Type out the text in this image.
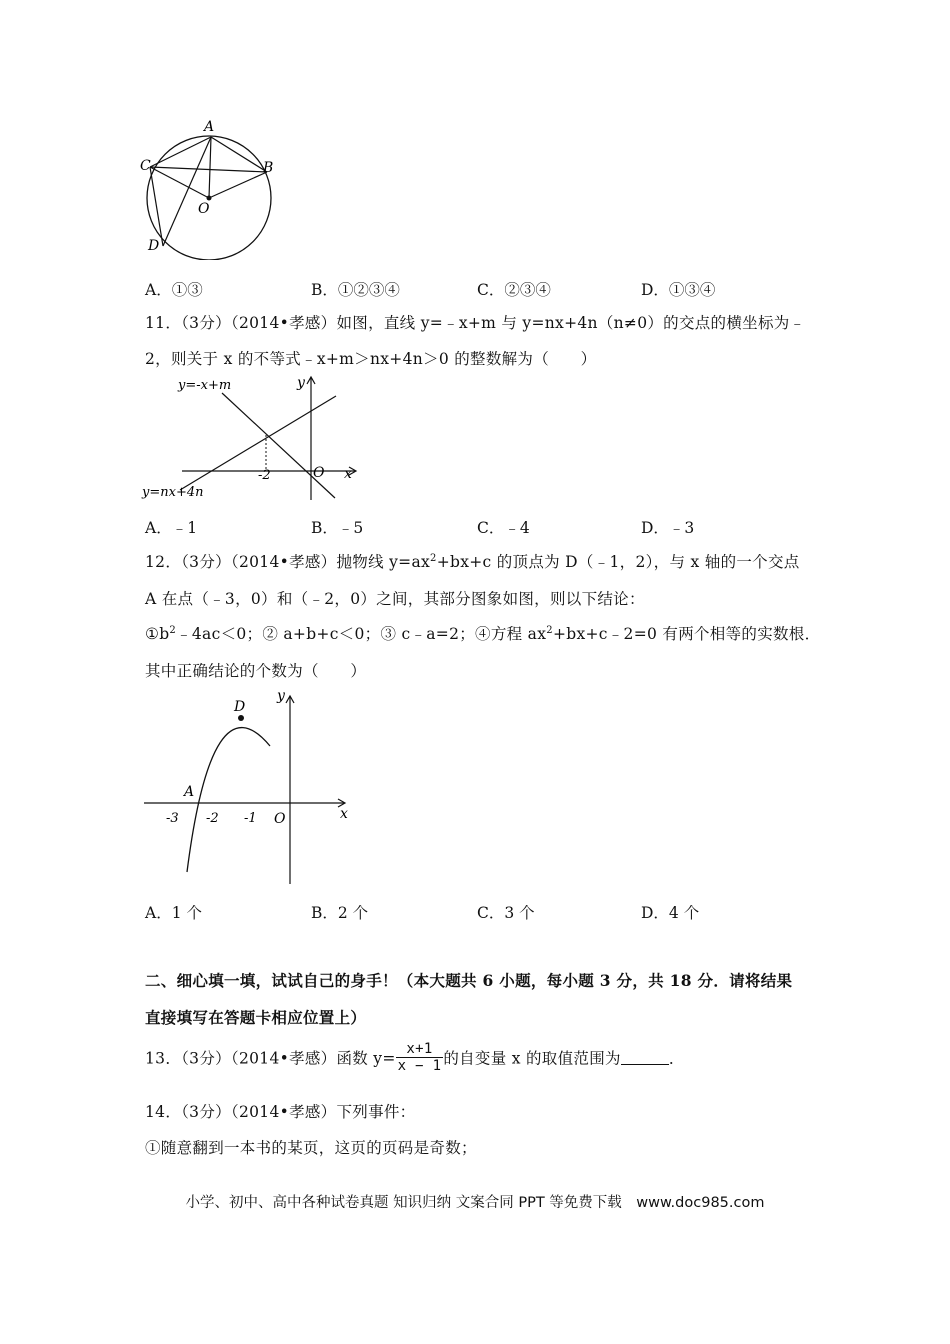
A
B
C
O
D
A．①③	B．①②③④	C．②③④	D．①③④
11．（3分）（2014•孝感）如图，直线 y=﹣x+m 与 y=nx+4n（n≠0）的交点的横坐标为﹣
2，则关于 x 的不等式﹣x+m＞nx+4n＞0 的整数解为（　　）
y=-x+m
y=nx+4n
y
x
O
-2
A．﹣1	B．﹣5	C．﹣4	D．﹣3
12．（3分）（2014•孝感）抛物线 $y=ax^2+bx+c$ 的顶点为 D（﹣1，2），与 x 轴的一个交点
A 在点（﹣3，0）和（﹣2，0）之间，其部分图象如图，则以下结论：
$①b^2﹣4ac<0$；② a+b+c＜0；③ c﹣a=2；④方程 $ax^2+bx+c﹣2=0$ 有两个相等的实数根．
其中正确结论的个数为（　　）
D
A
y
x
O
-3 -2 -1
A．1 个	B．2 个	C．3 个	D．4 个
二、细心填一填，试试自己的身手！（本大题共 6 小题，每小题 3 分，共 18 分．请将结果
直接填写在答题卡相应位置上）
13．（3分）（2014•孝感）函数 $y= \frac{x+1}{x - 1}$ 的自变量 x 的取值范围为	．
14．（3分）（2014•孝感）下列事件：
①随意翻到一本书的某页，这页的页码是奇数；
小学、初中、高中各种试卷真题 知识归纳 文案合同 PPT 等免费下载　www.doc985.com
